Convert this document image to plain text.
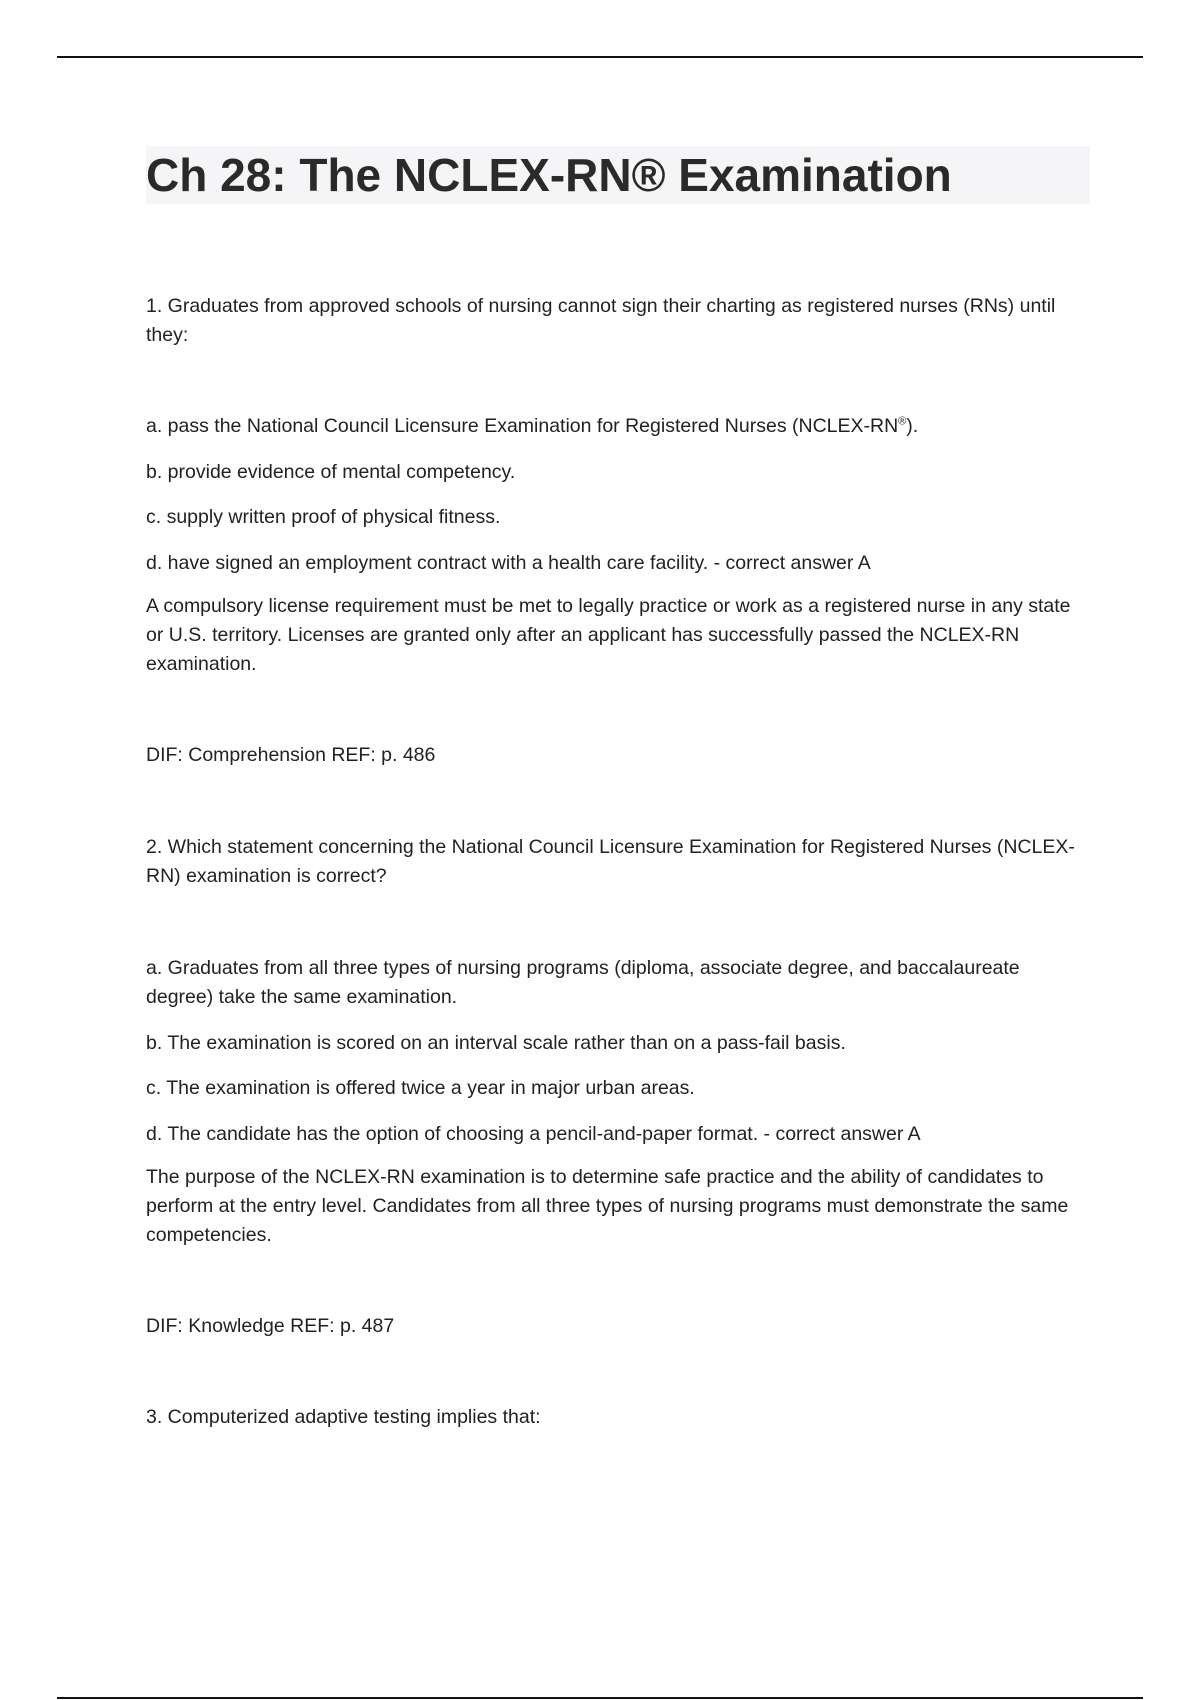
Ch 28: The NCLEX-RN® Examination

1. Graduates from approved schools of nursing cannot sign their charting as registered nurses (RNs) until they:

a. pass the National Council Licensure Examination for Registered Nurses (NCLEX-RN®).

b. provide evidence of mental competency.

c. supply written proof of physical fitness.

d. have signed an employment contract with a health care facility. - correct answer A

A compulsory license requirement must be met to legally practice or work as a registered nurse in any state or U.S. territory. Licenses are granted only after an applicant has successfully passed the NCLEX-RN examination.
DIF: Comprehension REF: p. 486

2. Which statement concerning the National Council Licensure Examination for Registered Nurses (NCLEX-RN) examination is correct?

a. Graduates from all three types of nursing programs (diploma, associate degree, and baccalaureate degree) take the same examination.

b. The examination is scored on an interval scale rather than on a pass-fail basis.

c. The examination is offered twice a year in major urban areas.

d. The candidate has the option of choosing a pencil-and-paper format. - correct answer A

The purpose of the NCLEX-RN examination is to determine safe practice and the ability of candidates to perform at the entry level. Candidates from all three types of nursing programs must demonstrate the same competencies.
DIF: Knowledge REF: p. 487

3. Computerized adaptive testing implies that:
